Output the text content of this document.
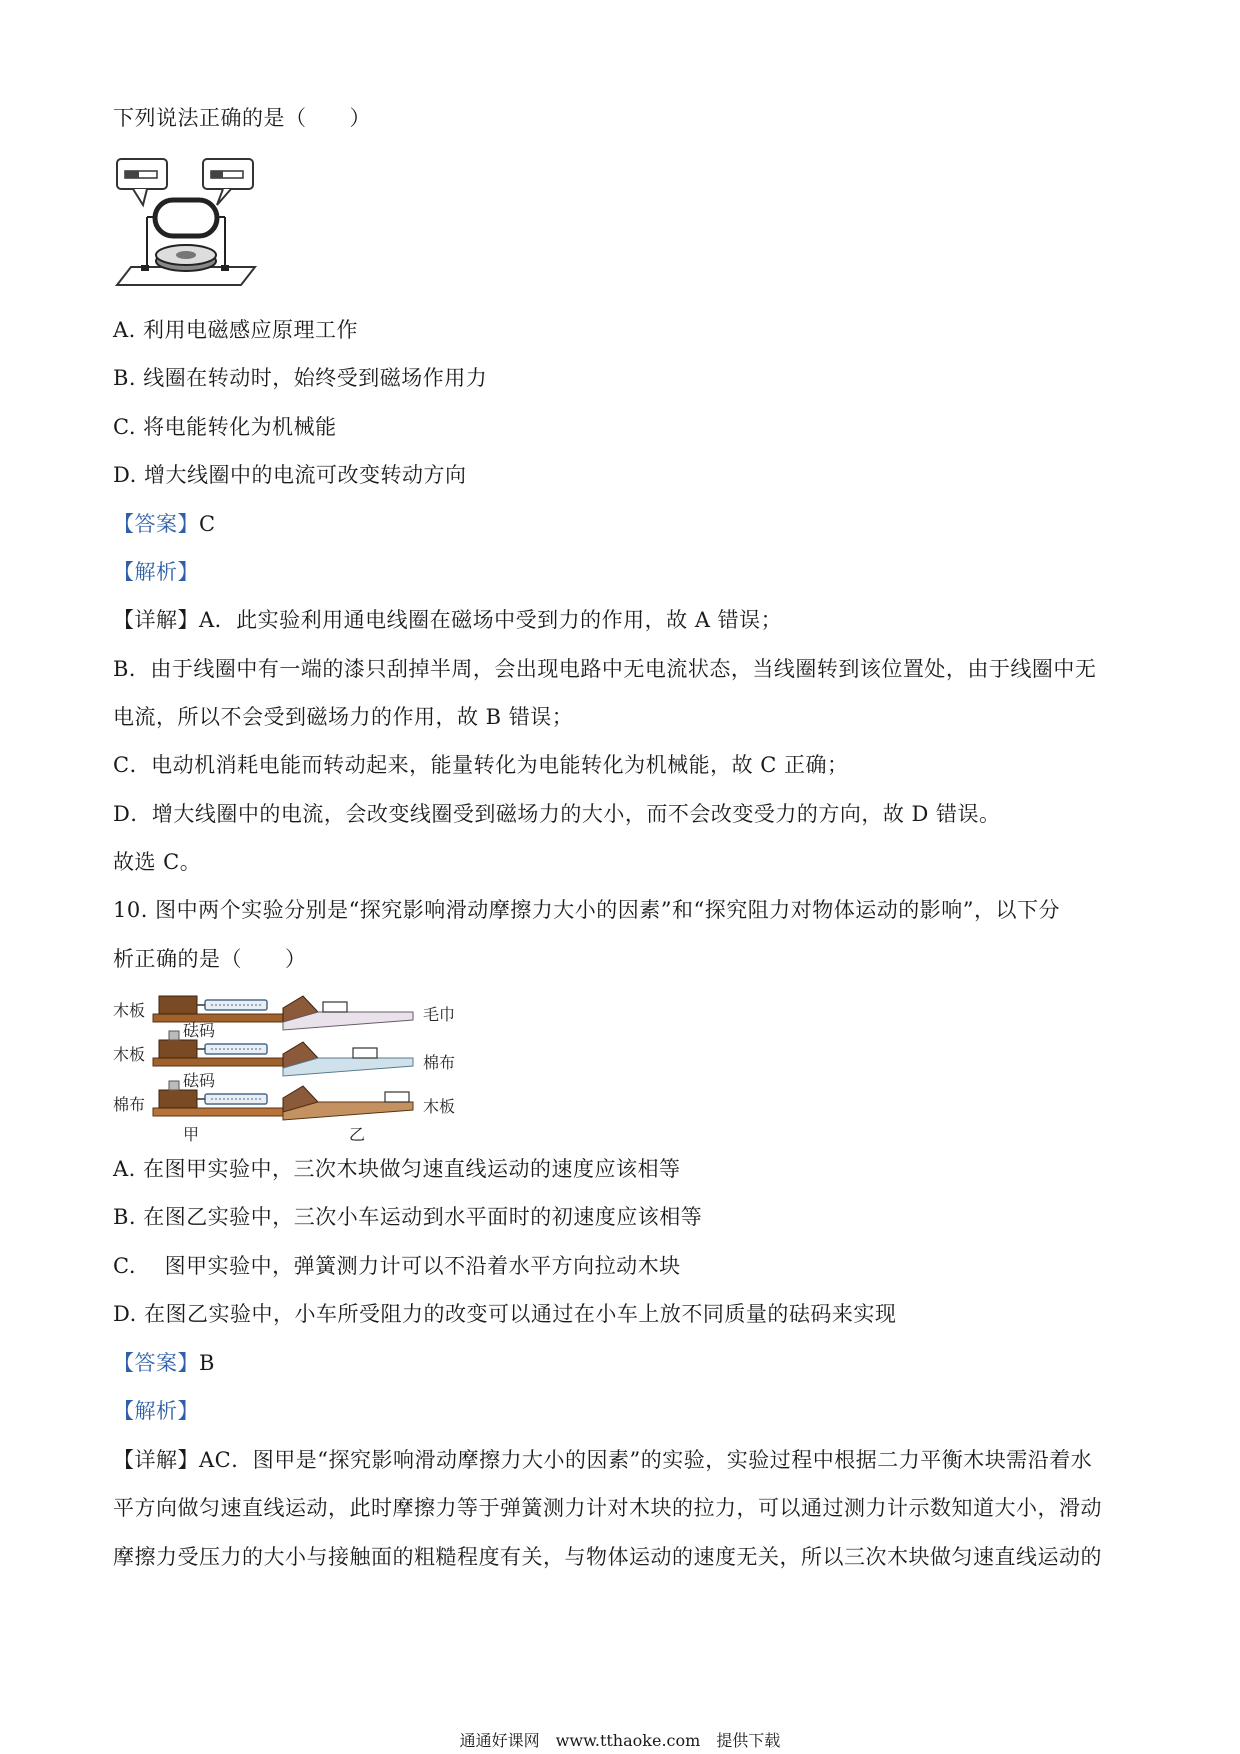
下列说法正确的是（　　）
A. 利用电磁感应原理工作
B. 线圈在转动时，始终受到磁场作用力
C. 将电能转化为机械能
D. 增大线圈中的电流可改变转动方向
【答案】C
【解析】
【详解】A．此实验利用通电线圈在磁场中受到力的作用，故 A 错误；
B．由于线圈中有一端的漆只刮掉半周，会出现电路中无电流状态，当线圈转到该位置处，由于线圈中无
电流，所以不会受到磁场力的作用，故 B 错误；
C．电动机消耗电能而转动起来，能量转化为电能转化为机械能，故 C 正确；
D．增大线圈中的电流，会改变线圈受到磁场力的大小，而不会改变受力的方向，故 D 错误。
故选 C。
10. 图中两个实验分别是“探究影响滑动摩擦力大小的因素”和“探究阻力对物体运动的影响”，以下分
析正确的是（　　）
木板
木板
棉布
砝码
砝码
毛巾
棉布
木板
甲	乙
A. 在图甲实验中，三次木块做匀速直线运动的速度应该相等
B. 在图乙实验中，三次小车运动到水平面时的初速度应该相等
C.　 图甲实验中，弹簧测力计可以不沿着水平方向拉动木块
D. 在图乙实验中，小车所受阻力的改变可以通过在小车上放不同质量的砝码来实现
【答案】B
【解析】
【详解】AC．图甲是“探究影响滑动摩擦力大小的因素”的实验，实验过程中根据二力平衡木块需沿着水
平方向做匀速直线运动，此时摩擦力等于弹簧测力计对木块的拉力，可以通过测力计示数知道大小，滑动
摩擦力受压力的大小与接触面的粗糙程度有关，与物体运动的速度无关，所以三次木块做匀速直线运动的
通通好课网　www.tthaoke.com　提供下载
